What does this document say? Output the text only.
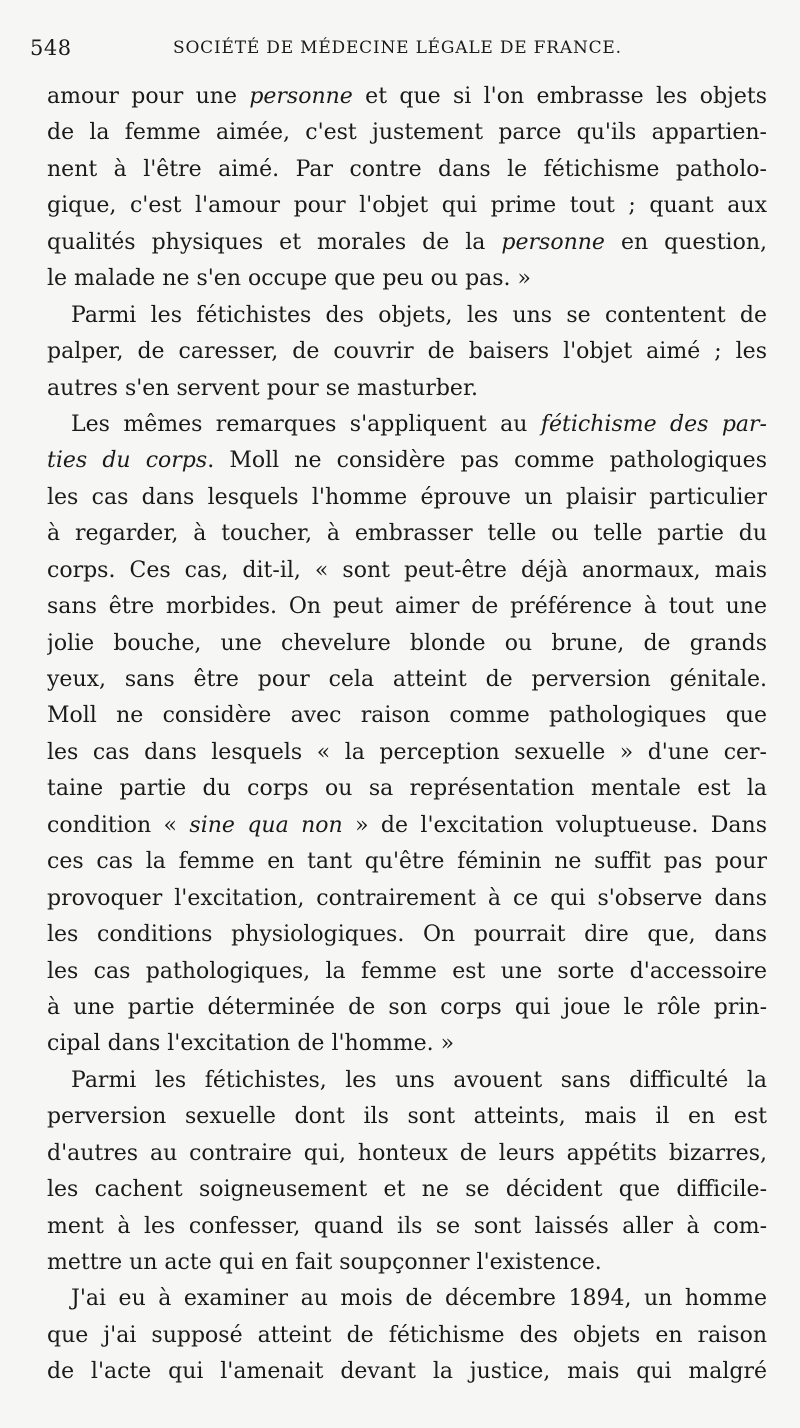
548	SOCIÉTÉ DE MÉDECINE LÉGALE DE FRANCE.
amour pour une personne et que si l'on embrasse les objets
de la femme aimée, c'est justement parce qu'ils appartien-
nent à l'être aimé. Par contre dans le fétichisme patholo-
gique, c'est l'amour pour l'objet qui prime tout ; quant aux
qualités physiques et morales de la personne en question,
le malade ne s'en occupe que peu ou pas. »
Parmi les fétichistes des objets, les uns se contentent de
palper, de caresser, de couvrir de baisers l'objet aimé ; les
autres s'en servent pour se masturber.
Les mêmes remarques s'appliquent au fétichisme des par-
ties du corps. Moll ne considère pas comme pathologiques
les cas dans lesquels l'homme éprouve un plaisir particulier
à regarder, à toucher, à embrasser telle ou telle partie du
corps. Ces cas, dit-il, « sont peut-être déjà anormaux, mais
sans être morbides. On peut aimer de préférence à tout une
jolie bouche, une chevelure blonde ou brune, de grands
yeux, sans être pour cela atteint de perversion génitale.
Moll ne considère avec raison comme pathologiques que
les cas dans lesquels « la perception sexuelle » d'une cer-
taine partie du corps ou sa représentation mentale est la
condition « sine qua non » de l'excitation voluptueuse. Dans
ces cas la femme en tant qu'être féminin ne suffit pas pour
provoquer l'excitation, contrairement à ce qui s'observe dans
les conditions physiologiques. On pourrait dire que, dans
les cas pathologiques, la femme est une sorte d'accessoire
à une partie déterminée de son corps qui joue le rôle prin-
cipal dans l'excitation de l'homme. »
Parmi les fétichistes, les uns avouent sans difficulté la
perversion sexuelle dont ils sont atteints, mais il en est
d'autres au contraire qui, honteux de leurs appétits bizarres,
les cachent soigneusement et ne se décident que difficile-
ment à les confesser, quand ils se sont laissés aller à com-
mettre un acte qui en fait soupçonner l'existence.
J'ai eu à examiner au mois de décembre 1894, un homme
que j'ai supposé atteint de fétichisme des objets en raison
de l'acte qui l'amenait devant la justice, mais qui malgré
